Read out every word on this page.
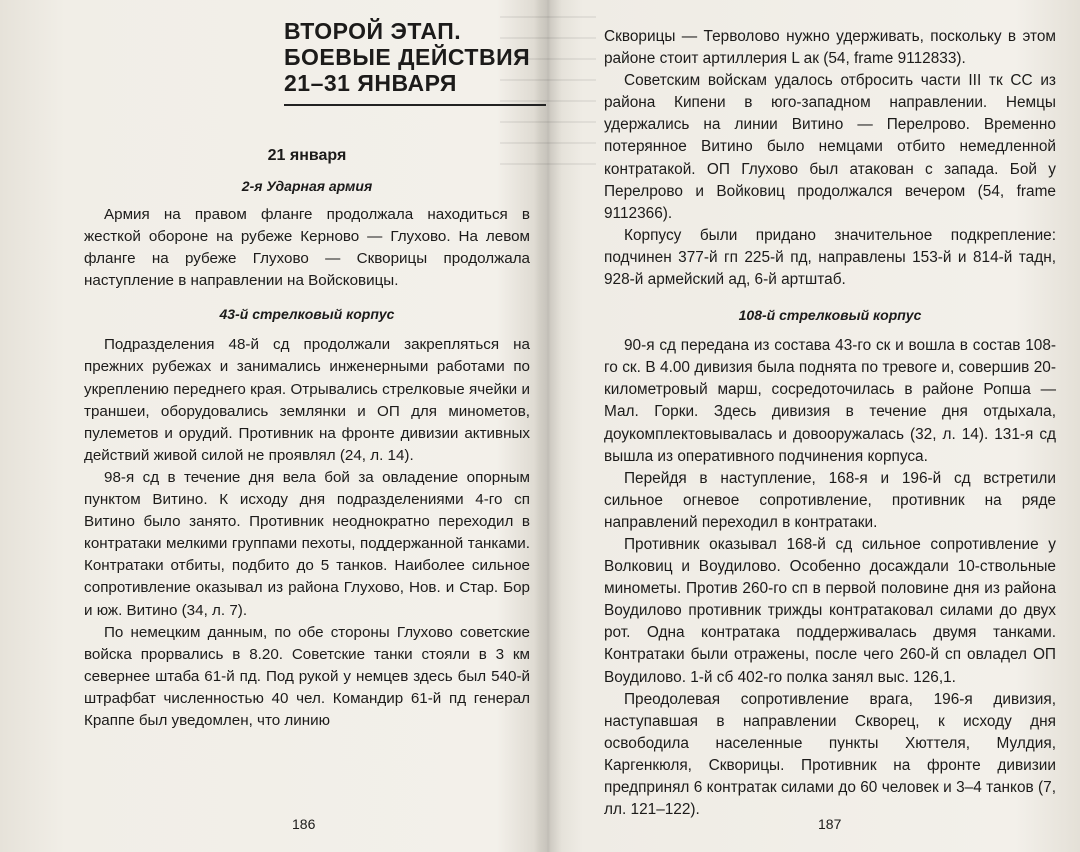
ВТОРОЙ ЭТАП.
БОЕВЫЕ ДЕЙСТВИЯ
21–31 ЯНВАРЯ
21 января
2-я Ударная армия

Армия на правом фланге продолжала находиться в жесткой обороне на рубеже Керново — Глухово. На левом фланге на рубеже Глухово — Скворицы продолжала наступление в направлении на Войсковицы.

43-й стрелковый корпус

Подразделения 48-й сд продолжали закрепляться на прежних рубежах и занимались инженерными работами по укреплению переднего края. Отрывались стрелковые ячейки и траншеи, оборудовались землянки и ОП для минометов, пулеметов и орудий. Противник на фронте дивизии активных действий живой силой не проявлял (24, л. 14).

98-я сд в течение дня вела бой за овладение опорным пунктом Витино. К исходу дня подразделениями 4-го сп Витино было занято. Противник неоднократно переходил в контратаки мелкими группами пехоты, поддержанной танками. Контратаки отбиты, подбито до 5 танков. Наиболее сильное сопротивление оказывал из района Глухово, Нов. и Стар. Бор и юж. Витино (34, л. 7).

По немецким данным, по обе стороны Глухово советские войска прорвались в 8.20. Советские танки стояли в 3 км севернее штаба 61-й пд. Под рукой у немцев здесь был 540-й штрафбат численностью 40 чел. Командир 61-й пд генерал Краппе был уведомлен, что линию

186

Скворицы — Терволово нужно удерживать, поскольку в этом районе стоит артиллерия L ак (54, frame 9112833).

Советским войскам удалось отбросить части III тк СС из района Кипени в юго-западном направлении. Немцы удержались на линии Витино — Перелрово. Временно потерянное Витино было немцами отбито немедленной контратакой. ОП Глухово был атакован с запада. Бой у Перелрово и Войковиц продолжался вечером (54, frame 9112366).

Корпусу были придано значительное подкрепление: подчинен 377-й гп 225-й пд, направлены 153-й и 814-й тадн, 928-й армейский ад, 6-й артштаб.

108-й стрелковый корпус

90-я сд передана из состава 43-го ск и вошла в состав 108-го ск. В 4.00 дивизия была поднята по тревоге и, совершив 20-километровый марш, сосредоточилась в районе Ропша — Мал. Горки. Здесь дивизия в течение дня отдыхала, доукомплектовывалась и довооружалась (32, л. 14). 131-я сд вышла из оперативного подчинения корпуса.

Перейдя в наступление, 168-я и 196-й сд встретили сильное огневое сопротивление, противник на ряде направлений переходил в контратаки.

Противник оказывал 168-й сд сильное сопротивление у Волковиц и Воудилово. Особенно досаждали 10-ствольные минометы. Против 260-го сп в первой половине дня из района Воудилово противник трижды контратаковал силами до двух рот. Одна контратака поддерживалась двумя танками. Контратаки были отражены, после чего 260-й сп овладел ОП Воудилово. 1-й сб 402-го полка занял выс. 126,1.

Преодолевая сопротивление врага, 196-я дивизия, наступавшая в направлении Скворец, к исходу дня освободила населенные пункты Хюттеля, Мулдия, Каргенкюля, Скворицы. Противник на фронте дивизии предпринял 6 контратак силами до 60 человек и 3–4 танков (7, лл. 121–122).

187
